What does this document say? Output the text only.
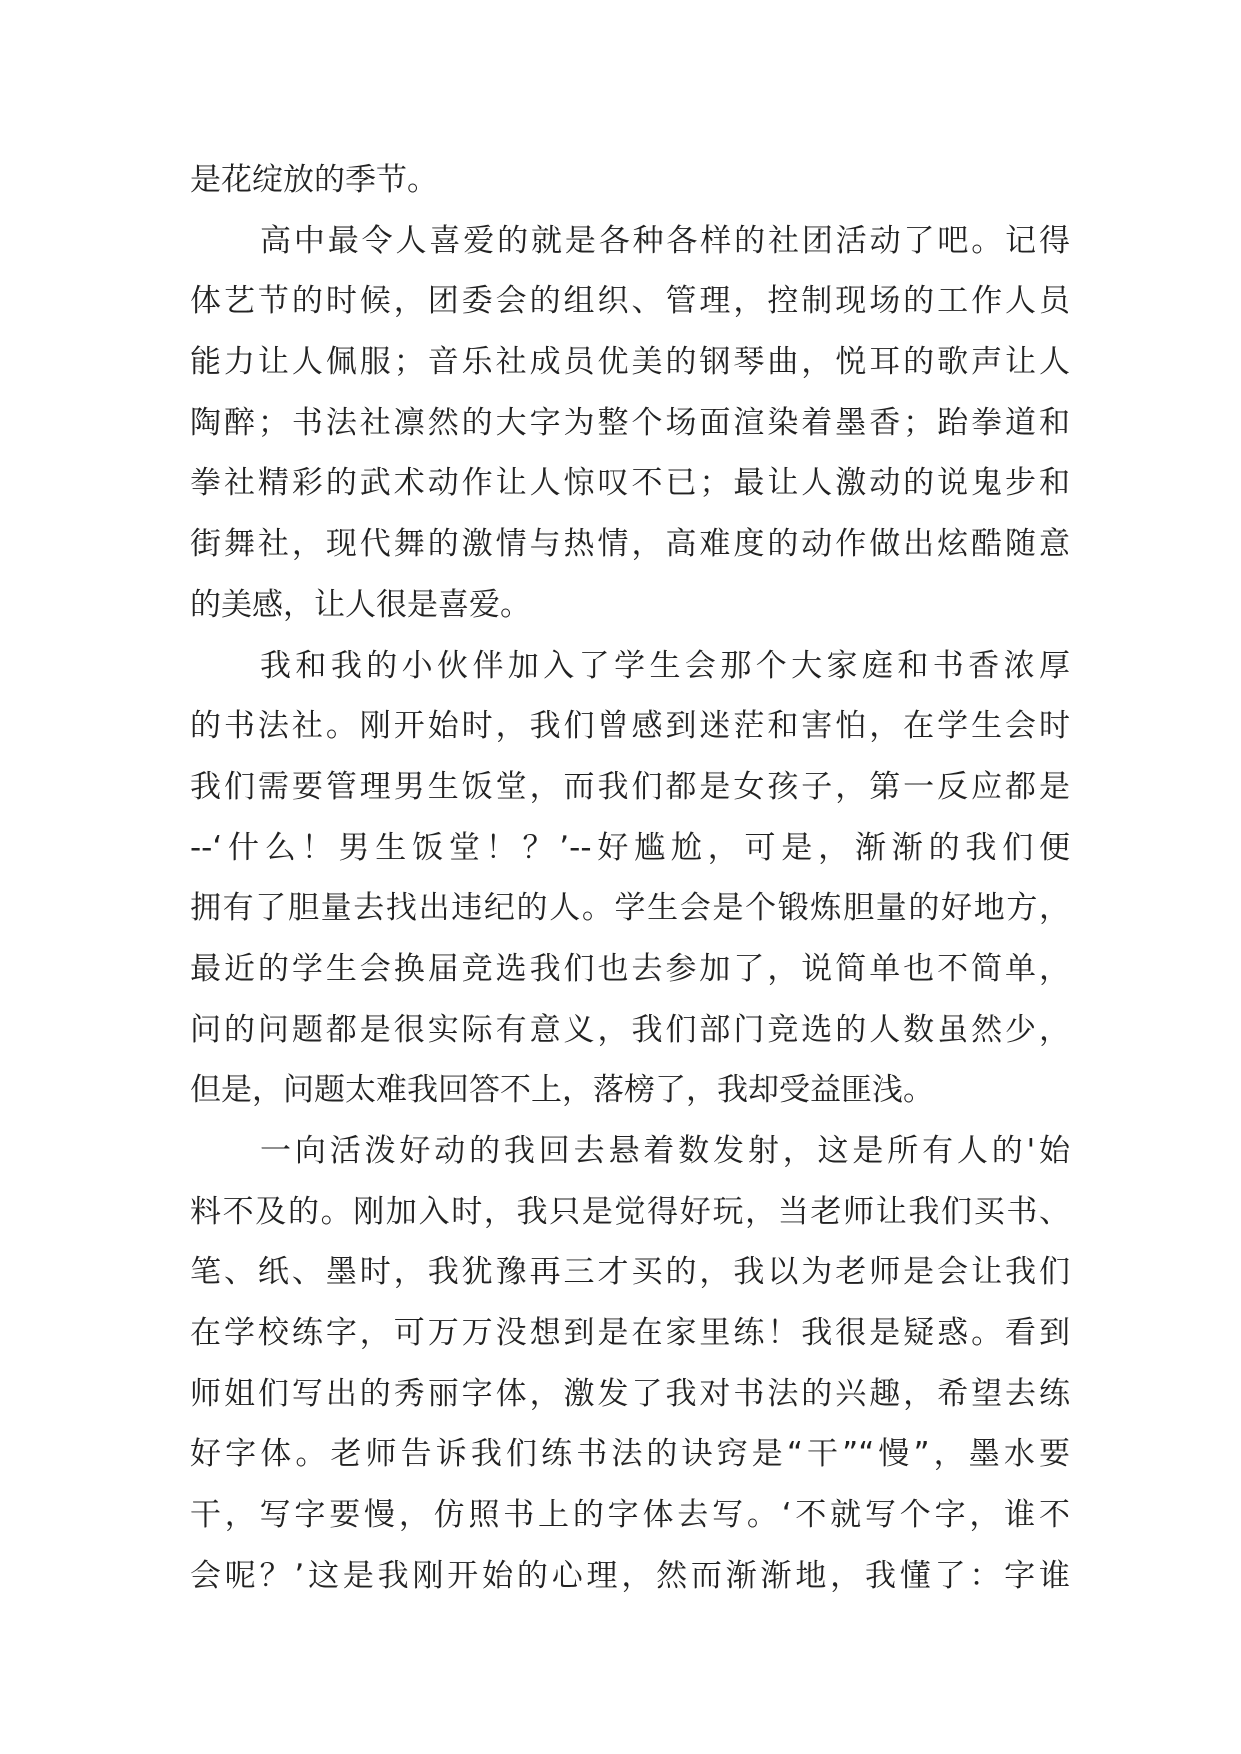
是花绽放的季节。
高中最令人喜爱的就是各种各样的社团活动了吧。记得
体艺节的时候，团委会的组织、管理，控制现场的工作人员
能力让人佩服；音乐社成员优美的钢琴曲，悦耳的歌声让人
陶醉；书法社凛然的大字为整个场面渲染着墨香；跆拳道和
拳社精彩的武术动作让人惊叹不已；最让人激动的说鬼步和
街舞社，现代舞的激情与热情，高难度的动作做出炫酷随意
的美感，让人很是喜爱。
我和我的小伙伴加入了学生会那个大家庭和书香浓厚
的书法社。刚开始时，我们曾感到迷茫和害怕，在学生会时
我们需要管理男生饭堂，而我们都是女孩子，第一反应都是
--‘什么！男生饭堂！？’--好尴尬，可是，渐渐的我们便
拥有了胆量去找出违纪的人。学生会是个锻炼胆量的好地方，
最近的学生会换届竞选我们也去参加了，说简单也不简单，
问的问题都是很实际有意义，我们部门竞选的人数虽然少，
但是，问题太难我回答不上，落榜了，我却受益匪浅。
一向活泼好动的我回去悬着数发射，这是所有人的'始
料不及的。刚加入时，我只是觉得好玩，当老师让我们买书、
笔、纸、墨时，我犹豫再三才买的，我以为老师是会让我们
在学校练字，可万万没想到是在家里练！我很是疑惑。看到
师姐们写出的秀丽字体，激发了我对书法的兴趣，希望去练
好字体。老师告诉我们练书法的诀窍是“干”“慢”，墨水要
干，写字要慢，仿照书上的字体去写。‘不就写个字，谁不
会呢？’这是我刚开始的心理，然而渐渐地，我懂了：字谁
